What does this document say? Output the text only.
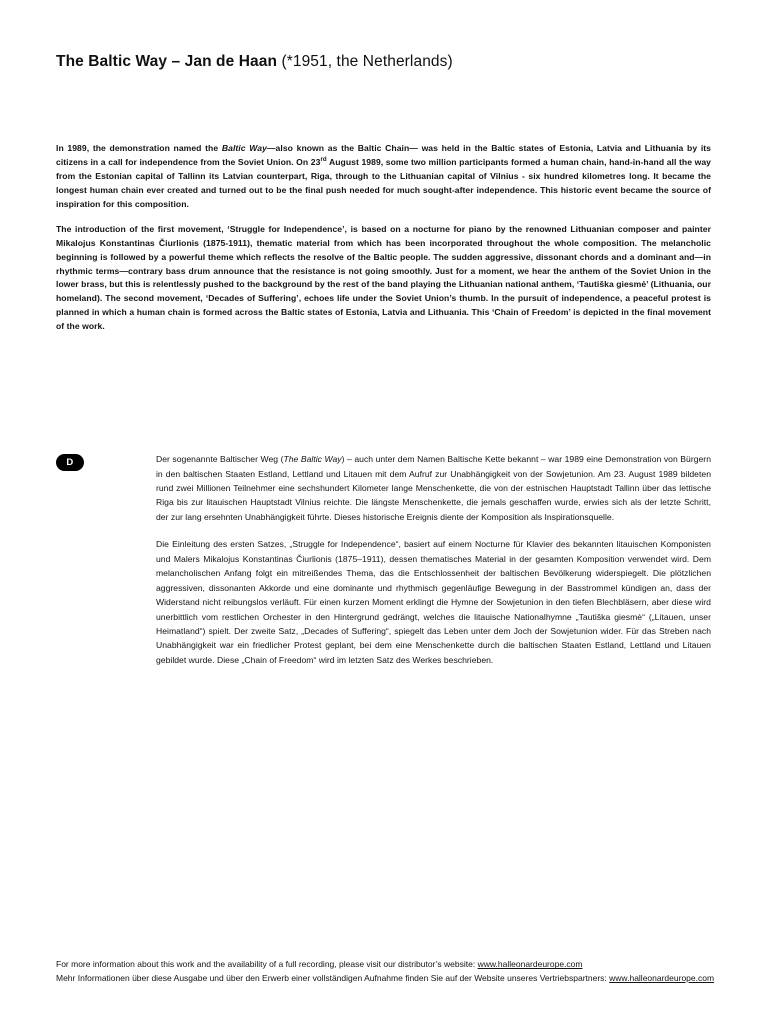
The Baltic Way – Jan de Haan (*1951, the Netherlands)

In 1989, the demonstration named the Baltic Way—also known as the Baltic Chain— was held in the Baltic states of Estonia, Latvia and Lithuania by its citizens in a call for independence from the Soviet Union. On 23rd August 1989, some two million participants formed a human chain, hand-in-hand all the way from the Estonian capital of Tallinn its Latvian counterpart, Riga, through to the Lithuanian capital of Vilnius - six hundred kilometres long. It became the longest human chain ever created and turned out to be the final push needed for much sought-after independence. This historic event became the source of inspiration for this composition.

The introduction of the first movement, ‘Struggle for Independence’, is based on a nocturne for piano by the renowned Lithuanian composer and painter Mikalojus Konstantinas Čiurlionis (1875-1911), thematic material from which has been incorporated throughout the whole composition. The melancholic beginning is followed by a powerful theme which reflects the resolve of the Baltic people. The sudden aggressive, dissonant chords and a dominant and—in rhythmic terms—contrary bass drum announce that the resistance is not going smoothly. Just for a moment, we hear the anthem of the Soviet Union in the lower brass, but this is relentlessly pushed to the background by the rest of the band playing the Lithuanian national anthem, ‘Tautiška giesmė’ (Lithuania, our homeland). The second movement, ‘Decades of Suffering’, echoes life under the Soviet Union’s thumb. In the pursuit of independence, a peaceful protest is planned in which a human chain is formed across the Baltic states of Estonia, Latvia and Lithuania. This ‘Chain of Freedom’ is depicted in the final movement of the work.

D	Der sogenannte Baltischer Weg (The Baltic Way) – auch unter dem Namen Baltische Kette bekannt – war 1989 eine Demonstration von Bürgern in den baltischen Staaten Estland, Lettland und Litauen mit dem Aufruf zur Unabhängigkeit von der Sowjetunion. Am 23. August 1989 bildeten rund zwei Millionen Teilnehmer eine sechshundert Kilometer lange Menschenkette, die von der estnischen Hauptstadt Tallinn über das lettische Riga bis zur litauischen Hauptstadt Vilnius reichte. Die längste Menschenkette, die jemals geschaffen wurde, erwies sich als der letzte Schritt, der zur lang ersehnten Unabhängigkeit führte. Dieses historische Ereignis diente der Komposition als Inspirationsquelle.

Die Einleitung des ersten Satzes, „Struggle for Independence“, basiert auf einem Nocturne für Klavier des bekannten litauischen Komponisten und Malers Mikalojus Konstantinas Čiurlionis (1875–1911), dessen thematisches Material in der gesamten Komposition verwendet wird. Dem melancholischen Anfang folgt ein mitreißendes Thema, das die Entschlossenheit der baltischen Bevölkerung widerspiegelt. Die plötzlichen aggressiven, dissonanten Akkorde und eine dominante und rhythmisch gegenläufige Bewegung in der Basstrommel kündigen an, dass der Widerstand nicht reibungslos verläuft. Für einen kurzen Moment erklingt die Hymne der Sowjetunion in den tiefen Blechbläsern, aber diese wird unerbittlich vom restlichen Orchester in den Hintergrund gedrängt, welches die litauische Nationalhymne „Tautiška giesmė“ („Litauen, unser Heimatland“) spielt. Der zweite Satz, „Decades of Suffering“, spiegelt das Leben unter dem Joch der Sowjetunion wider. Für das Streben nach Unabhängigkeit war ein friedlicher Protest geplant, bei dem eine Menschenkette durch die baltischen Staaten Estland, Lettland und Litauen gebildet wurde. Diese „Chain of Freedom“ wird im letzten Satz des Werkes beschrieben.

For more information about this work and the availability of a full recording, please visit our distributor’s website: www.halleonardeurope.com

Mehr Informationen über diese Ausgabe und über den Erwerb einer vollständigen Aufnahme finden Sie auf der Website unseres Vertriebspartners: www.halleonardeurope.com
